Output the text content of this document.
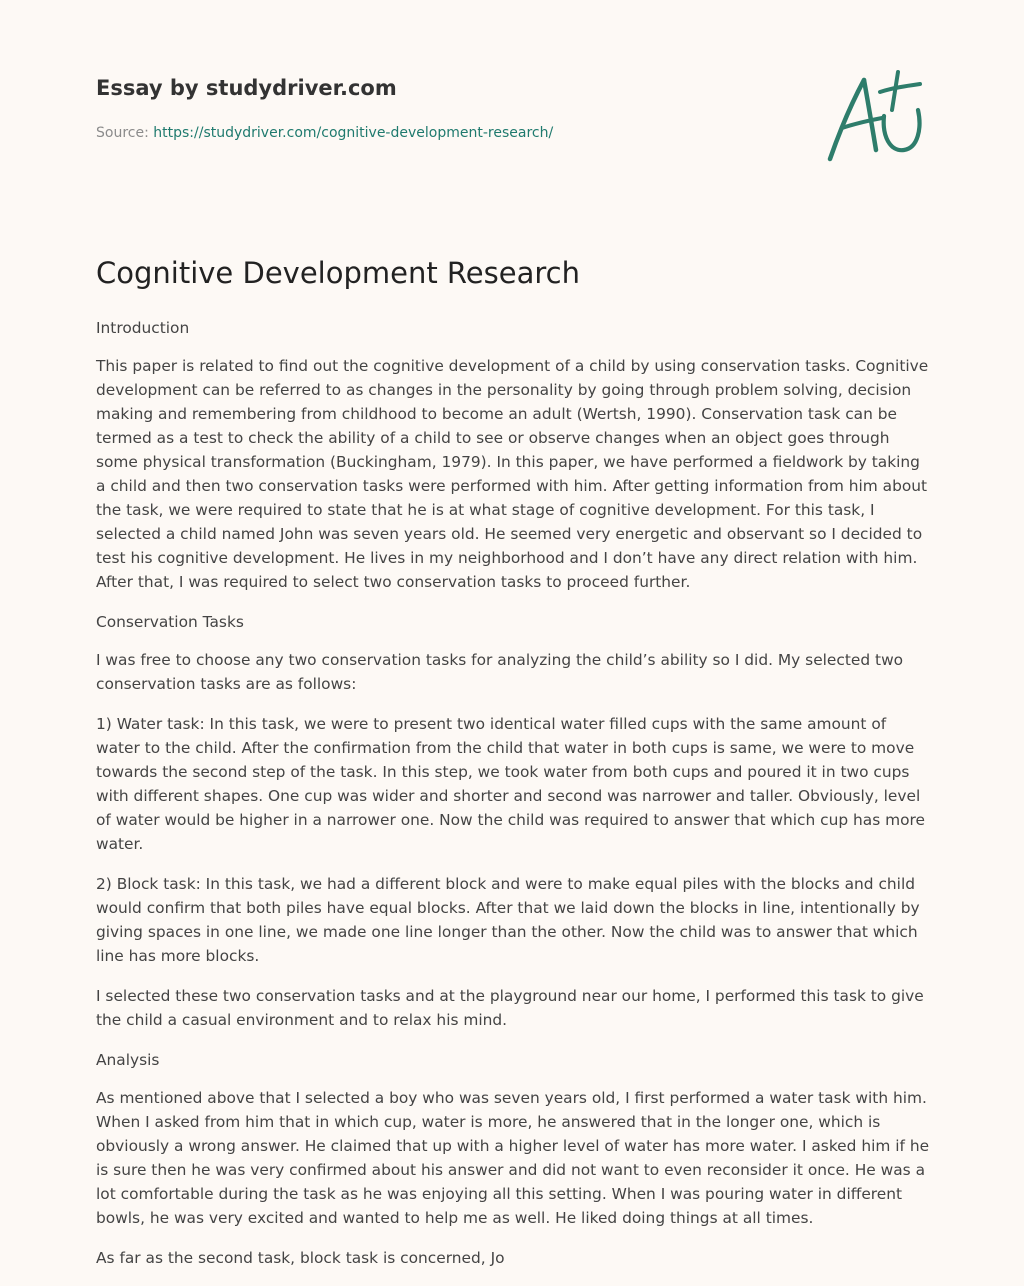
Essay by studydriver.com
Source: https://studydriver.com/cognitive-development-research/
Cognitive Development Research

Introduction

This paper is related to find out the cognitive development of a child by using conservation tasks. Cognitive development can be referred to as changes in the personality by going through problem solving, decision making and remembering from childhood to become an adult (Wertsh, 1990). Conservation task can be termed as a test to check the ability of a child to see or observe changes when an object goes through some physical transformation (Buckingham, 1979). In this paper, we have performed a fieldwork by taking a child and then two conservation tasks were performed with him. After getting information from him about the task, we were required to state that he is at what stage of cognitive development. For this task, I selected a child named John was seven years old. He seemed very energetic and observant so I decided to test his cognitive development. He lives in my neighborhood and I don’t have any direct relation with him. After that, I was required to select two conservation tasks to proceed further.

Conservation Tasks

I was free to choose any two conservation tasks for analyzing the child’s ability so I did. My selected two conservation tasks are as follows:

1) Water task: In this task, we were to present two identical water filled cups with the same amount of water to the child. After the confirmation from the child that water in both cups is same, we were to move towards the second step of the task. In this step, we took water from both cups and poured it in two cups with different shapes. One cup was wider and shorter and second was narrower and taller. Obviously, level of water would be higher in a narrower one. Now the child was required to answer that which cup has more water.

2) Block task: In this task, we had a different block and were to make equal piles with the blocks and child would confirm that both piles have equal blocks. After that we laid down the blocks in line, intentionally by giving spaces in one line, we made one line longer than the other. Now the child was to answer that which line has more blocks.

I selected these two conservation tasks and at the playground near our home, I performed this task to give the child a casual environment and to relax his mind.

Analysis

As mentioned above that I selected a boy who was seven years old, I first performed a water task with him. When I asked from him that in which cup, water is more, he answered that in the longer one, which is obviously a wrong answer. He claimed that up with a higher level of water has more water. I asked him if he is sure then he was very confirmed about his answer and did not want to even reconsider it once. He was a lot comfortable during the task as he was enjoying all this setting. When I was pouring water in different bowls, he was very excited and wanted to help me as well. He liked doing things at all times.

As far as the second task, block task is concerned, Jo
